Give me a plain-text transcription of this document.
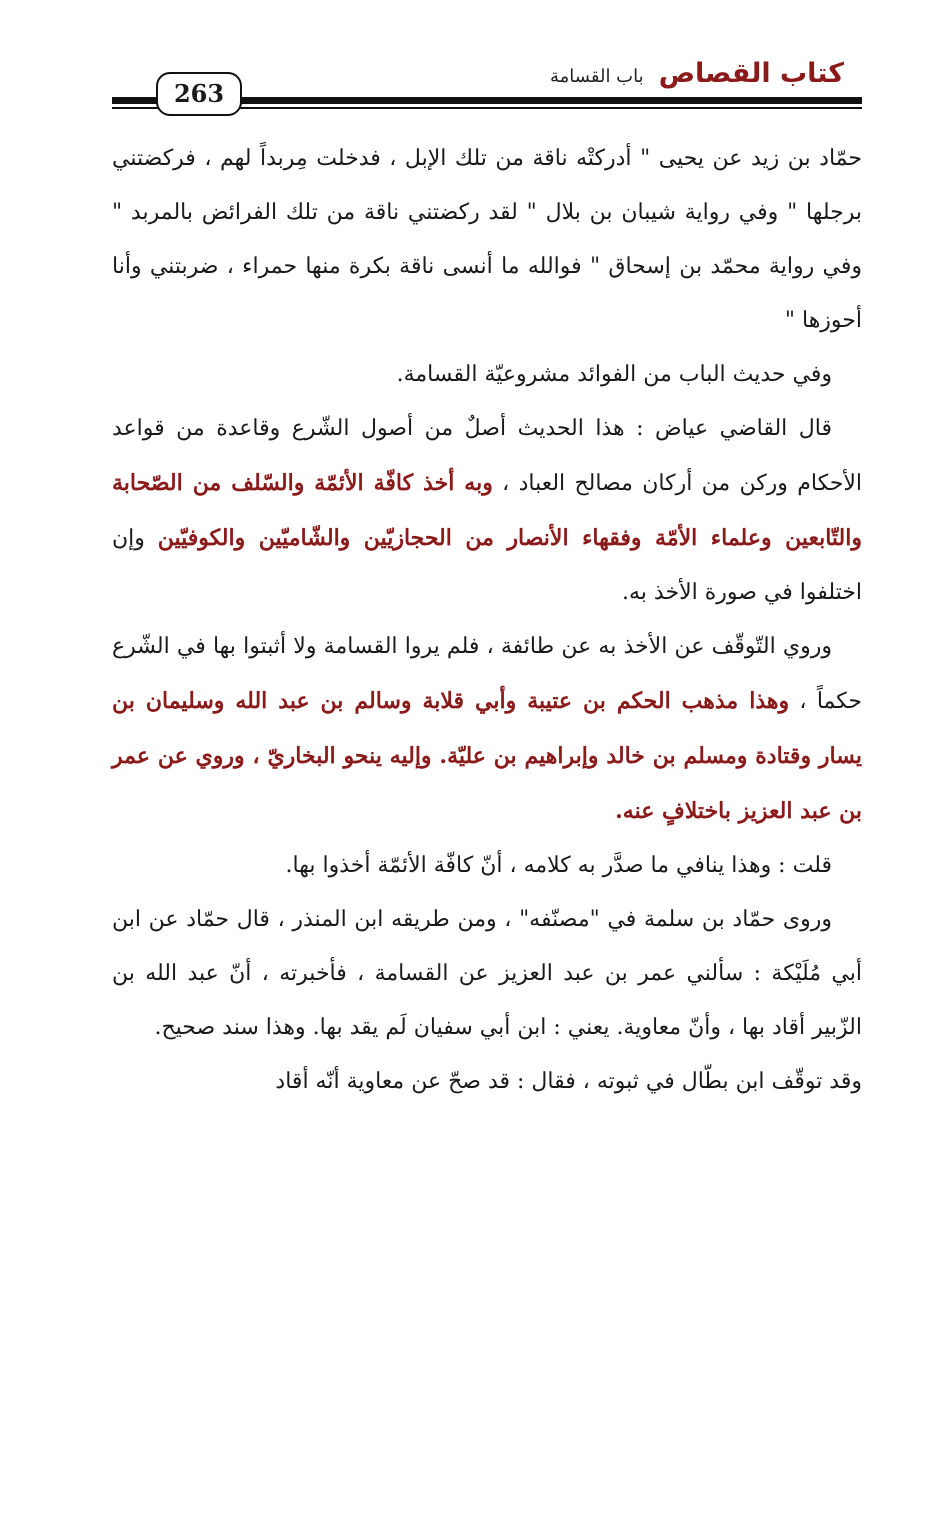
كتاب القصاص باب القسامة
263

حمّاد بن زيد عن يحيى " أدركتْه ناقة من تلك الإبل ، فدخلت مِربداً لهم ، فركضتني برجلها " وفي رواية شيبان بن بلال " لقد ركضتني ناقة من تلك الفرائض بالمربد " وفي رواية محمّد بن إسحاق " فوالله ما أنسى ناقة بكرة منها حمراء ، ضربتني وأنا أحوزها "

وفي حديث الباب من الفوائد مشروعيّة القسامة.

قال القاضي عياض : هذا الحديث أصلٌ من أصول الشّرع وقاعدة من قواعد الأحكام وركن من أركان مصالح العباد ، وبه أخذ كافّة الأئمّة والسّلف من الصّحابة والتّابعين وعلماء الأمّة وفقهاء الأنصار من الحجازيّين والشّاميّين والكوفيّين وإن اختلفوا في صورة الأخذ به.

وروي التّوقّف عن الأخذ به عن طائفة ، فلم يروا القسامة ولا أثبتوا بها في الشّرع حكماً ، وهذا مذهب الحكم بن عتيبة وأبي قلابة وسالم بن عبد الله وسليمان بن يسار وقتادة ومسلم بن خالد وإبراهيم بن عليّة. وإليه ينحو البخاريّ ، وروي عن عمر بن عبد العزيز باختلافٍ عنه.

قلت : وهذا ينافي ما صدَّر به كلامه ، أنّ كافّة الأئمّة أخذوا بها.

وروى حمّاد بن سلمة في "مصنّفه" ، ومن طريقه ابن المنذر ، قال حمّاد عن ابن أبي مُلَيْكة : سألني عمر بن عبد العزيز عن القسامة ، فأخبرته ، أنّ عبد الله بن الزّبير أقاد بها ، وأنّ معاوية. يعني : ابن أبي سفيان لَم يقد بها. وهذا سند صحيح.

وقد توقّف ابن بطّال في ثبوته ، فقال : قد صحّ عن معاوية أنّه أقاد
